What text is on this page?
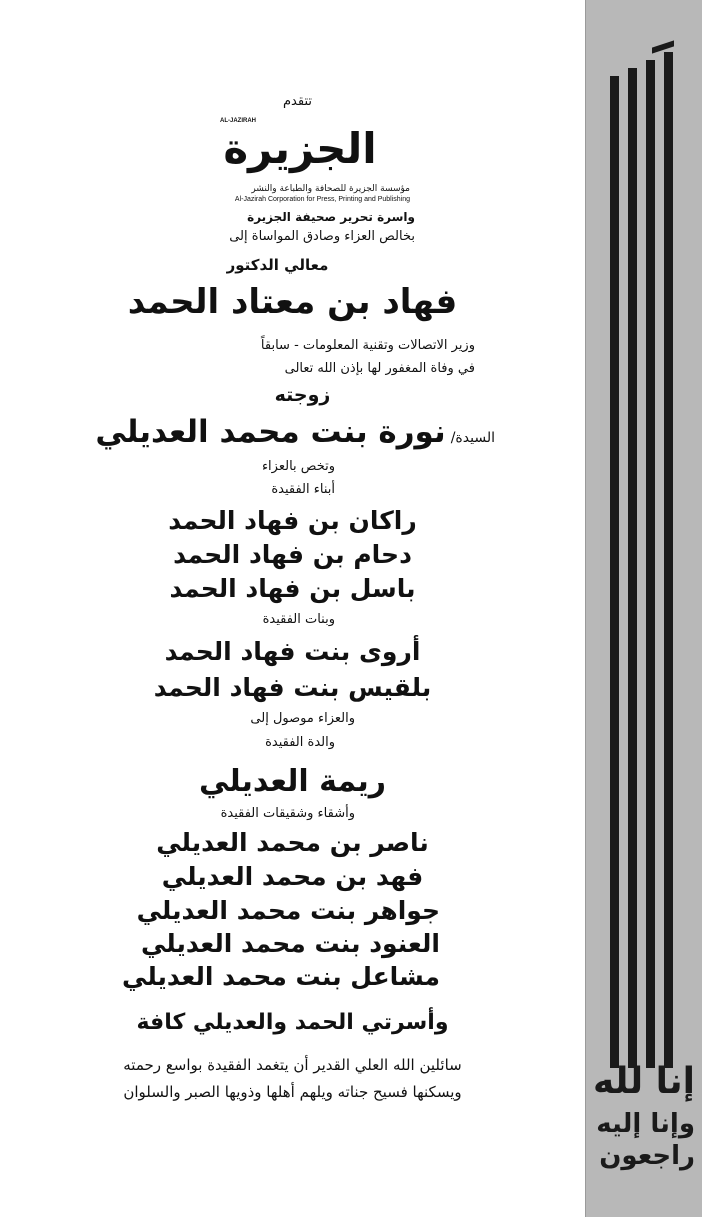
تتقدم
AL-JAZIRAH
الجزيرة
مؤسسة الجزيرة للصحافة والطباعة والنشر
Al-Jazirah Corporation for Press, Printing and Publishing
واسرة تحرير صحيفة الجزيرة
بخالص العزاء وصادق المواساة إلى
معالي الدكتور
فهاد بن معتاد الحمد
وزير الاتصالات وتقنية المعلومات - سابقاً
في وفاة المغفور لها بإذن الله تعالى
زوجته
السيدة/ نورة بنت محمد العديلي
وتخص بالعزاء
أبناء الفقيدة
راكان بن فهاد الحمد
دحام بن فهاد الحمد
باسل بن فهاد الحمد
وبنات الفقيدة
أروى بنت فهاد الحمد
بلقيس بنت فهاد الحمد
والعزاء موصول إلى
والدة الفقيدة
ريمة العديلي
وأشقاء وشقيقات الفقيدة
ناصر بن محمد العديلي
فهد بن محمد العديلي
جواهر بنت محمد العديلي
العنود بنت محمد العديلي
مشاعل بنت محمد العديلي
وأسرتي الحمد والعديلي كافة
سائلين الله العلي القدير أن يتغمد الفقيدة بواسع رحمته
ويسكنها فسيح جناته ويلهم أهلها وذويها الصبر والسلوان	إنا لله
وإنا إليه
راجعون
